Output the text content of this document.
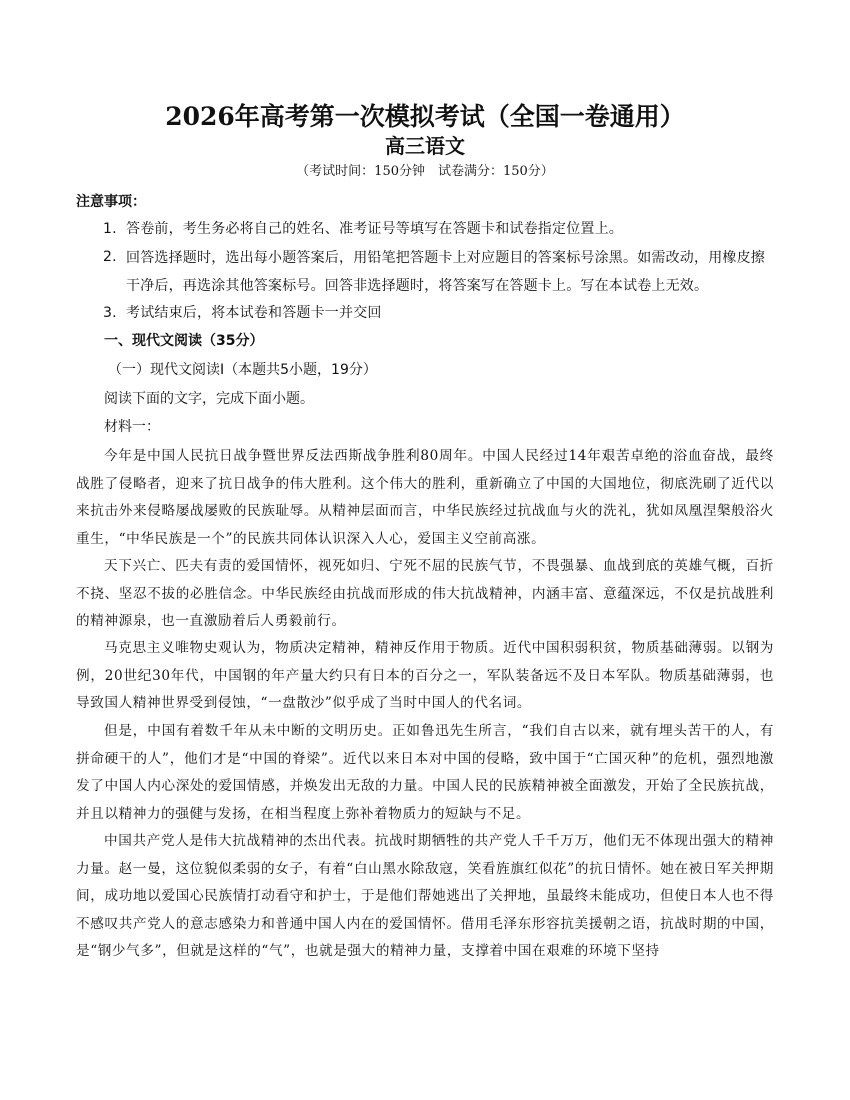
2026年高考第一次模拟考试（全国一卷通用）
高三语文
（考试时间：150分钟　试卷满分：150分）
注意事项：
1. 答卷前，考生务必将自己的姓名、准考证号等填写在答题卡和试卷指定位置上。
2. 回答选择题时，选出每小题答案后，用铅笔把答题卡上对应题目的答案标号涂黑。如需改动，用橡皮擦干净后，再选涂其他答案标号。回答非选择题时，将答案写在答题卡上。写在本试卷上无效。
3. 考试结束后，将本试卷和答题卡一并交回
一、现代文阅读（35分）
（一）现代文阅读Ⅰ（本题共5小题，19分）
阅读下面的文字，完成下面小题。
材料一：
今年是中国人民抗日战争暨世界反法西斯战争胜利80周年。中国人民经过14年艰苦卓绝的浴血奋战，最终战胜了侵略者，迎来了抗日战争的伟大胜利。这个伟大的胜利，重新确立了中国的大国地位，彻底洗刷了近代以来抗击外来侵略屡战屡败的民族耻辱。从精神层面而言，中华民族经过抗战血与火的洗礼，犹如凤凰涅槃般浴火重生，“中华民族是一个”的民族共同体认识深入人心，爱国主义空前高涨。
天下兴亡、匹夫有责的爱国情怀，视死如归、宁死不屈的民族气节，不畏强暴、血战到底的英雄气概，百折不挠、坚忍不拔的必胜信念。中华民族经由抗战而形成的伟大抗战精神，内涵丰富、意蕴深远，不仅是抗战胜利的精神源泉，也一直激励着后人勇毅前行。
马克思主义唯物史观认为，物质决定精神，精神反作用于物质。近代中国积弱积贫，物质基础薄弱。以钢为例，20世纪30年代，中国钢的年产量大约只有日本的百分之一，军队装备远不及日本军队。物质基础薄弱，也导致国人精神世界受到侵蚀，“一盘散沙”似乎成了当时中国人的代名词。
但是，中国有着数千年从未中断的文明历史。正如鲁迅先生所言，“我们自古以来，就有埋头苦干的人，有拼命硬干的人”，他们才是“中国的脊梁”。近代以来日本对中国的侵略，致中国于“亡国灭种”的危机，强烈地激发了中国人内心深处的爱国情感，并焕发出无敌的力量。中国人民的民族精神被全面激发，开始了全民族抗战，并且以精神力的强健与发扬，在相当程度上弥补着物质力的短缺与不足。
中国共产党人是伟大抗战精神的杰出代表。抗战时期牺牲的共产党人千千万万，他们无不体现出强大的精神力量。赵一曼，这位貌似柔弱的女子，有着“白山黑水除敌寇，笑看旌旗红似花”的抗日情怀。她在被日军关押期间，成功地以爱国心民族情打动看守和护士，于是他们帮她逃出了关押地，虽最终未能成功，但使日本人也不得不感叹共产党人的意志感染力和普通中国人内在的爱国情怀。借用毛泽东形容抗美援朝之语，抗战时期的中国，是“钢少气多”，但就是这样的“气”，也就是强大的精神力量，支撑着中国在艰难的环境下坚持
